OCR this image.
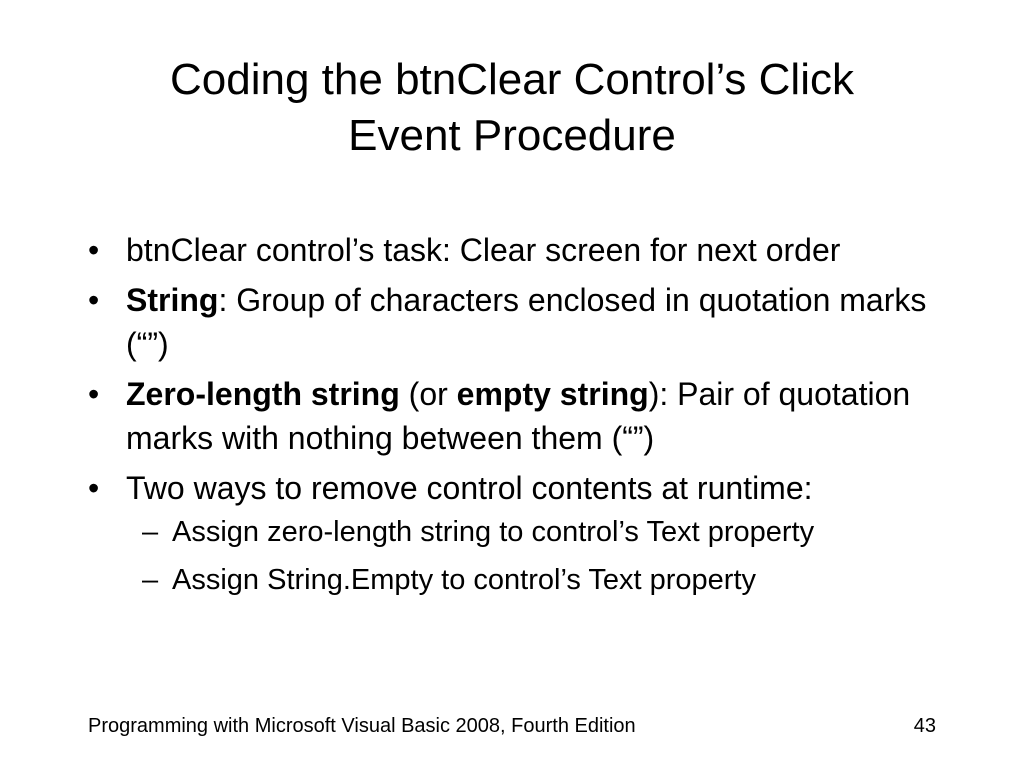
Coding the btnClear Control’s Click
Event Procedure
• btnClear control’s task: Clear screen for next order
• String: Group of characters enclosed in quotation marks (“”)
• Zero-length string (or empty string): Pair of quotation marks with nothing between them (“”)
• Two ways to remove control contents at runtime:
– Assign zero-length string to control’s Text property
– Assign String.Empty to control’s Text property
Programming with Microsoft Visual Basic 2008, Fourth Edition	43
